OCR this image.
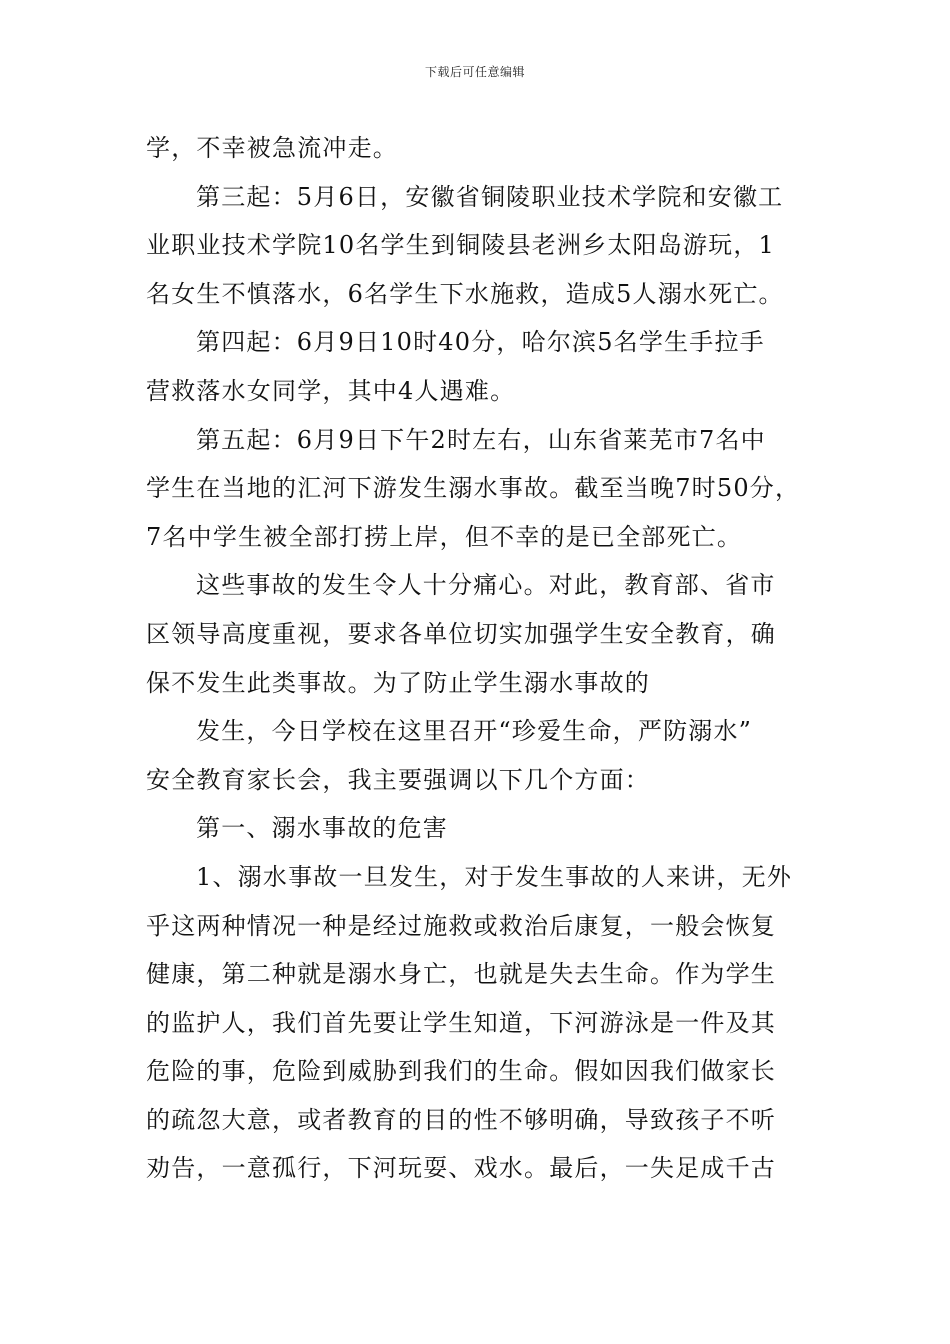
下载后可任意编辑

学，不幸被急流冲走。

第三起：5月6日，安徽省铜陵职业技术学院和安徽工
业职业技术学院10名学生到铜陵县老洲乡太阳岛游玩，1
名女生不慎落水，6名学生下水施救，造成5人溺水死亡。

第四起：6月9日10时40分，哈尔滨5名学生手拉手
营救落水女同学，其中4人遇难。

第五起：6月9日下午2时左右，山东省莱芜市7名中
学生在当地的汇河下游发生溺水事故。截至当晚7时50分，
7名中学生被全部打捞上岸，但不幸的是已全部死亡。

这些事故的发生令人十分痛心。对此，教育部、省市
区领导高度重视，要求各单位切实加强学生安全教育，确
保不发生此类事故。为了防止学生溺水事故的

发生，今日学校在这里召开“珍爱生命，严防溺水”
安全教育家长会，我主要强调以下几个方面：

第一、溺水事故的危害

1、溺水事故一旦发生，对于发生事故的人来讲，无外
乎这两种情况一种是经过施救或救治后康复，一般会恢复
健康，第二种就是溺水身亡，也就是失去生命。作为学生
的监护人，我们首先要让学生知道，下河游泳是一件及其
危险的事，危险到威胁到我们的生命。假如因我们做家长
的疏忽大意，或者教育的目的性不够明确，导致孩子不听
劝告，一意孤行，下河玩耍、戏水。最后，一失足成千古
